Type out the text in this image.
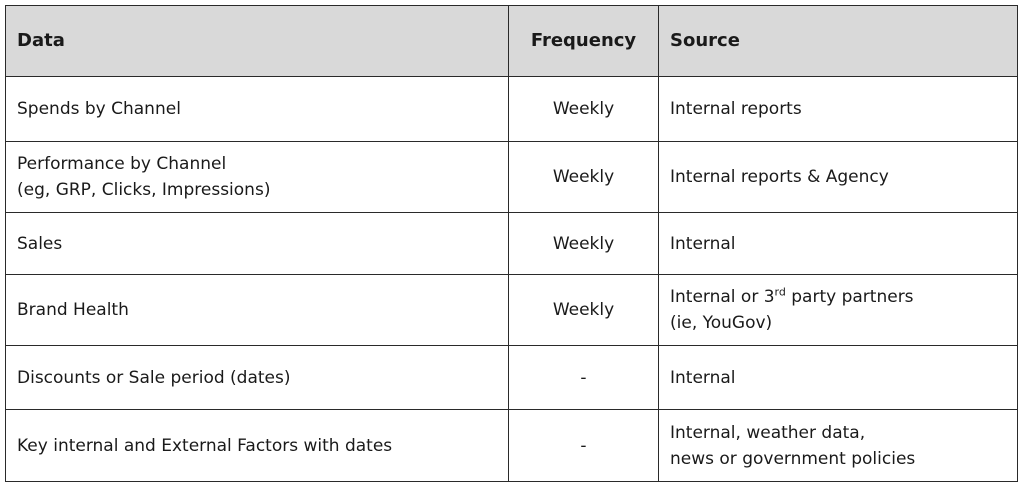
Data	Frequency	Source

Spends by Channel	Weekly	Internal reports

Performance by Channel
(eg, GRP, Clicks, Impressions)	Weekly	Internal reports & Agency

Sales	Weekly	Internal

Brand Health	Weekly	Internal or 3rd party partners
(ie, YouGov)

Discounts or Sale period (dates)	-	Internal

Key internal and External Factors with dates	-	Internal, weather data,
news or government policies
